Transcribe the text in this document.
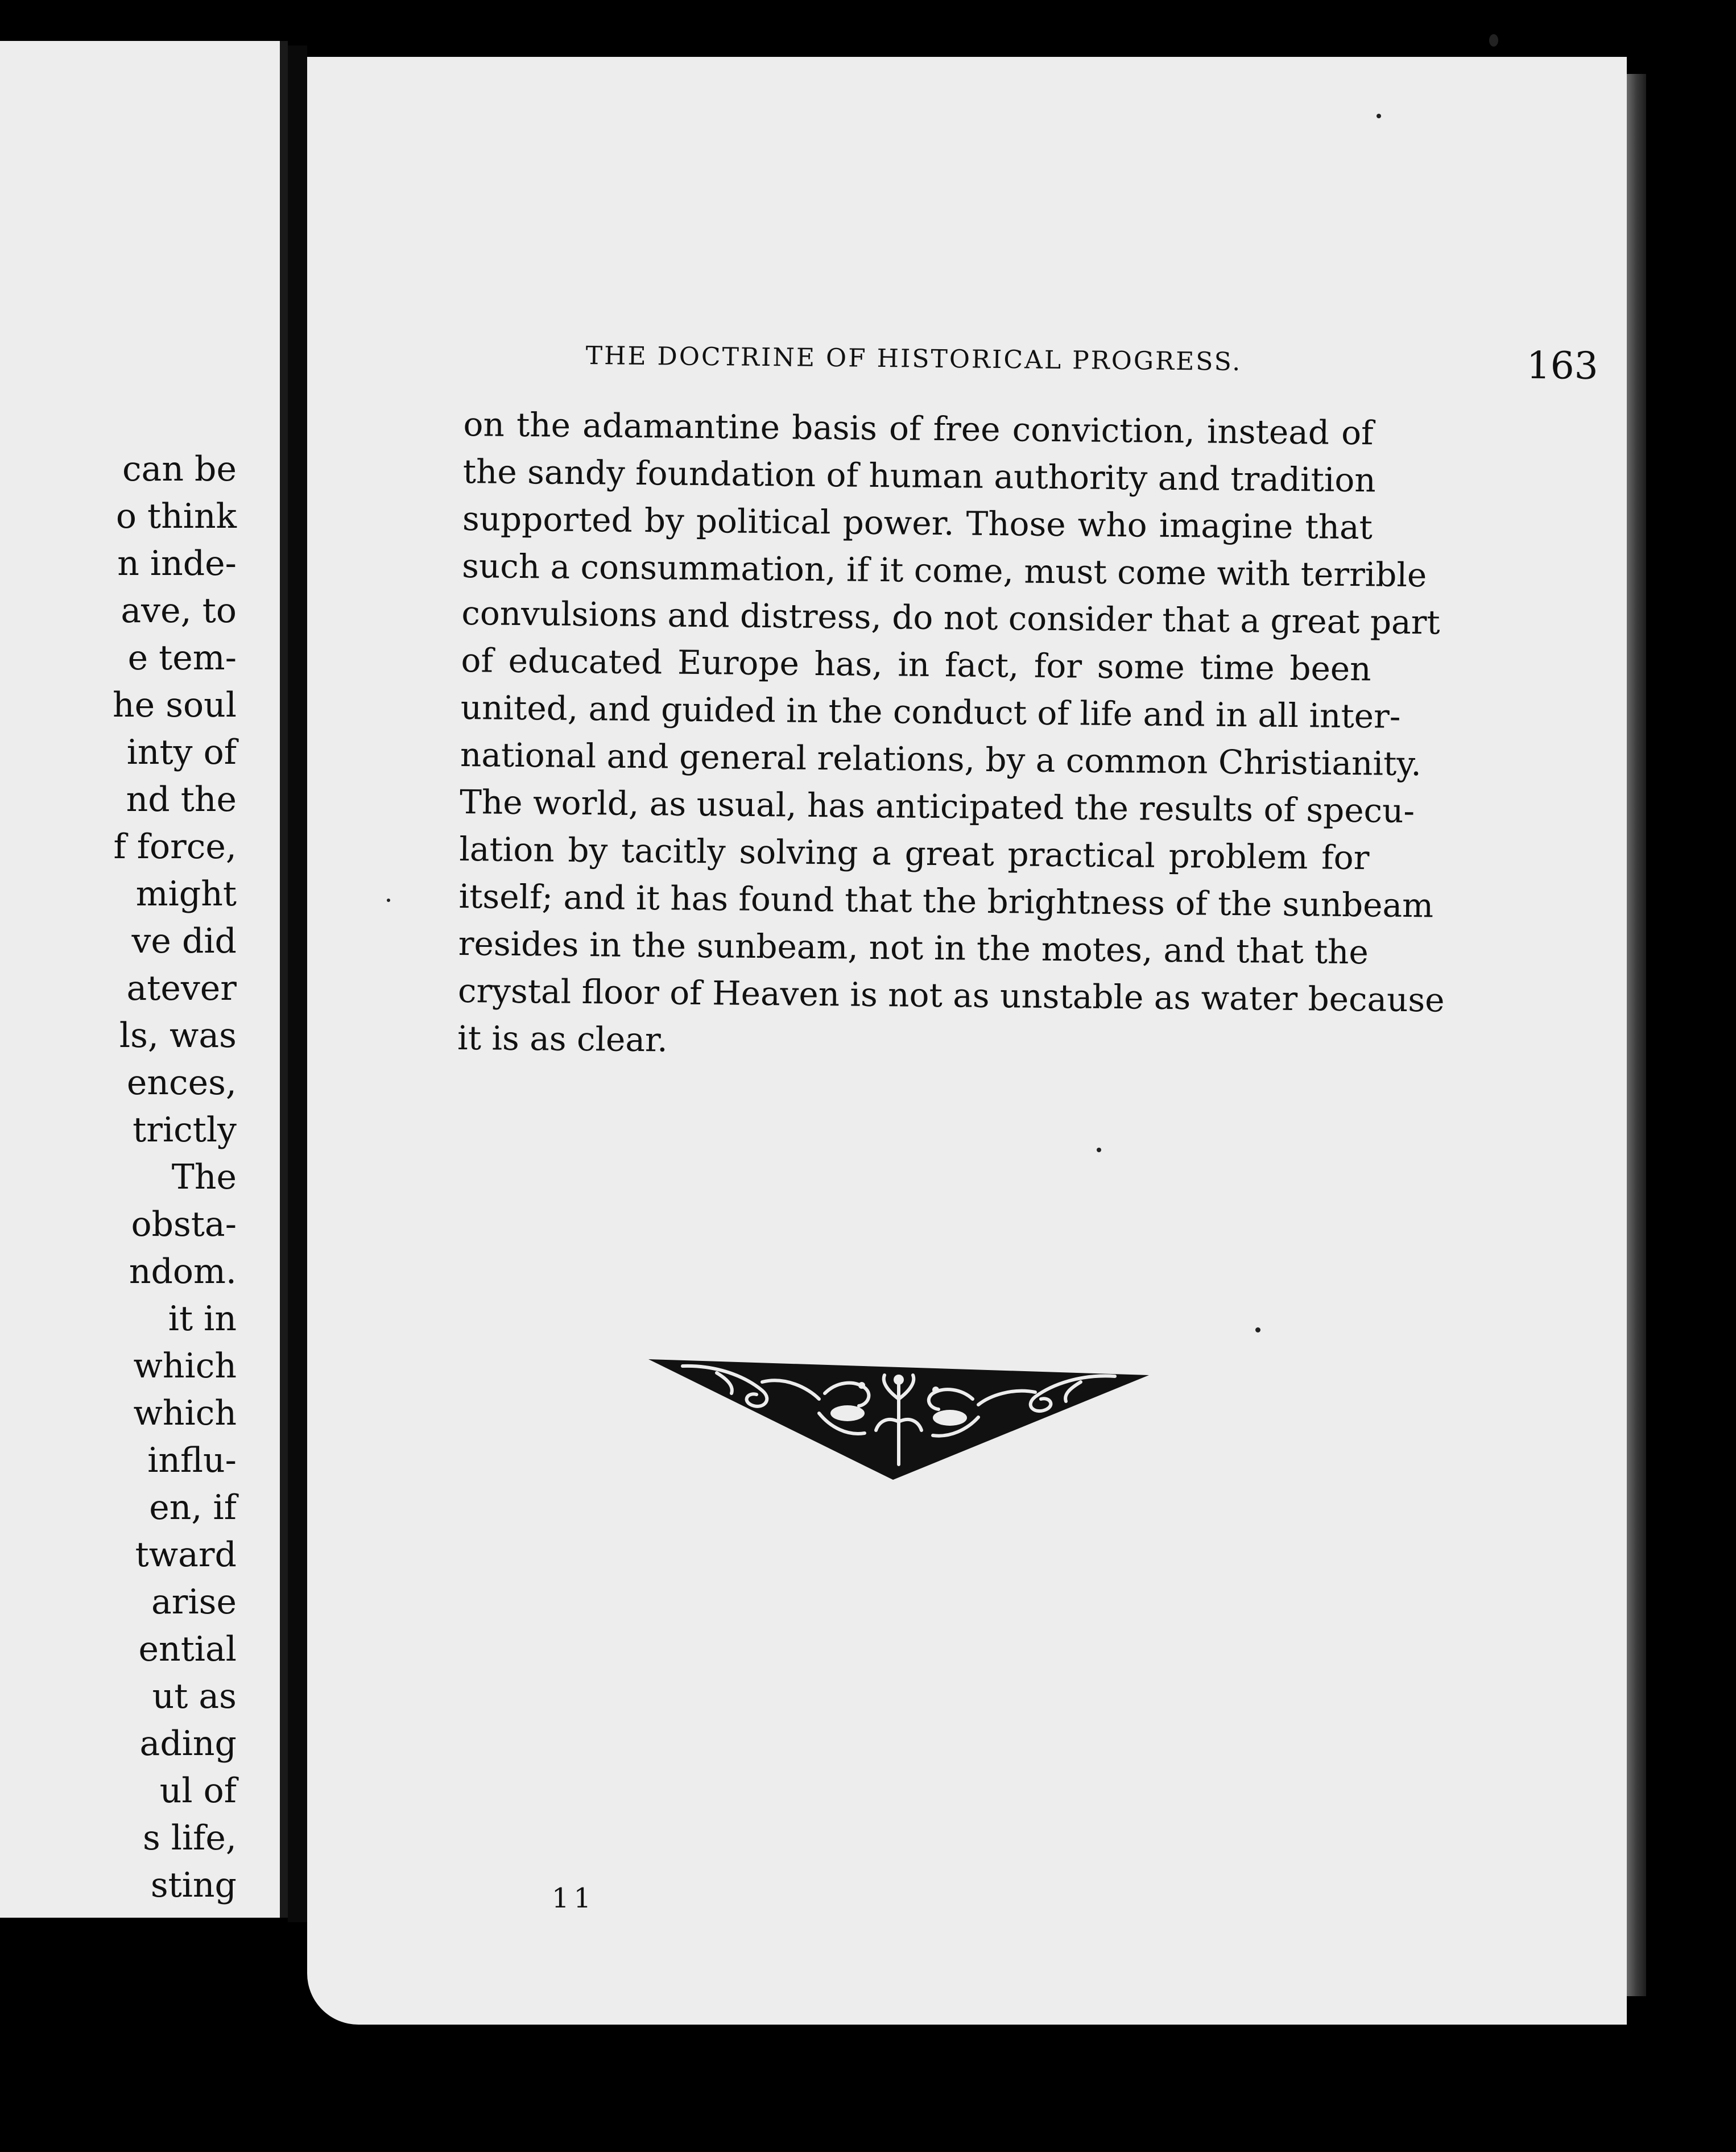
can be
o think
n inde-
ave, to
e tem-
he soul
inty of
nd the
f force,
might
ve did
atever
ls, was
ences,
trictly
The
obsta-
ndom.
it in
which
which
influ-
en, if
tward
arise
ential
ut as
ading
ul of
s life,
sting
THE DOCTRINE OF HISTORICAL PROGRESS.	163
on the adamantine basis of free conviction, instead of
the sandy foundation of human authority and tradition
supported by political power. Those who imagine that
such a consummation, if it come, must come with terrible
convulsions and distress, do not consider that a great part
of educated Europe has, in fact, for some time been
united, and guided in the conduct of life and in all inter-
national and general relations, by a common Christianity.
The world, as usual, has anticipated the results of specu-
lation by tacitly solving a great practical problem for
itself; and it has found that the brightness of the sunbeam
resides in the sunbeam, not in the motes, and that the
crystal floor of Heaven is not as unstable as water because
it is as clear.
11
